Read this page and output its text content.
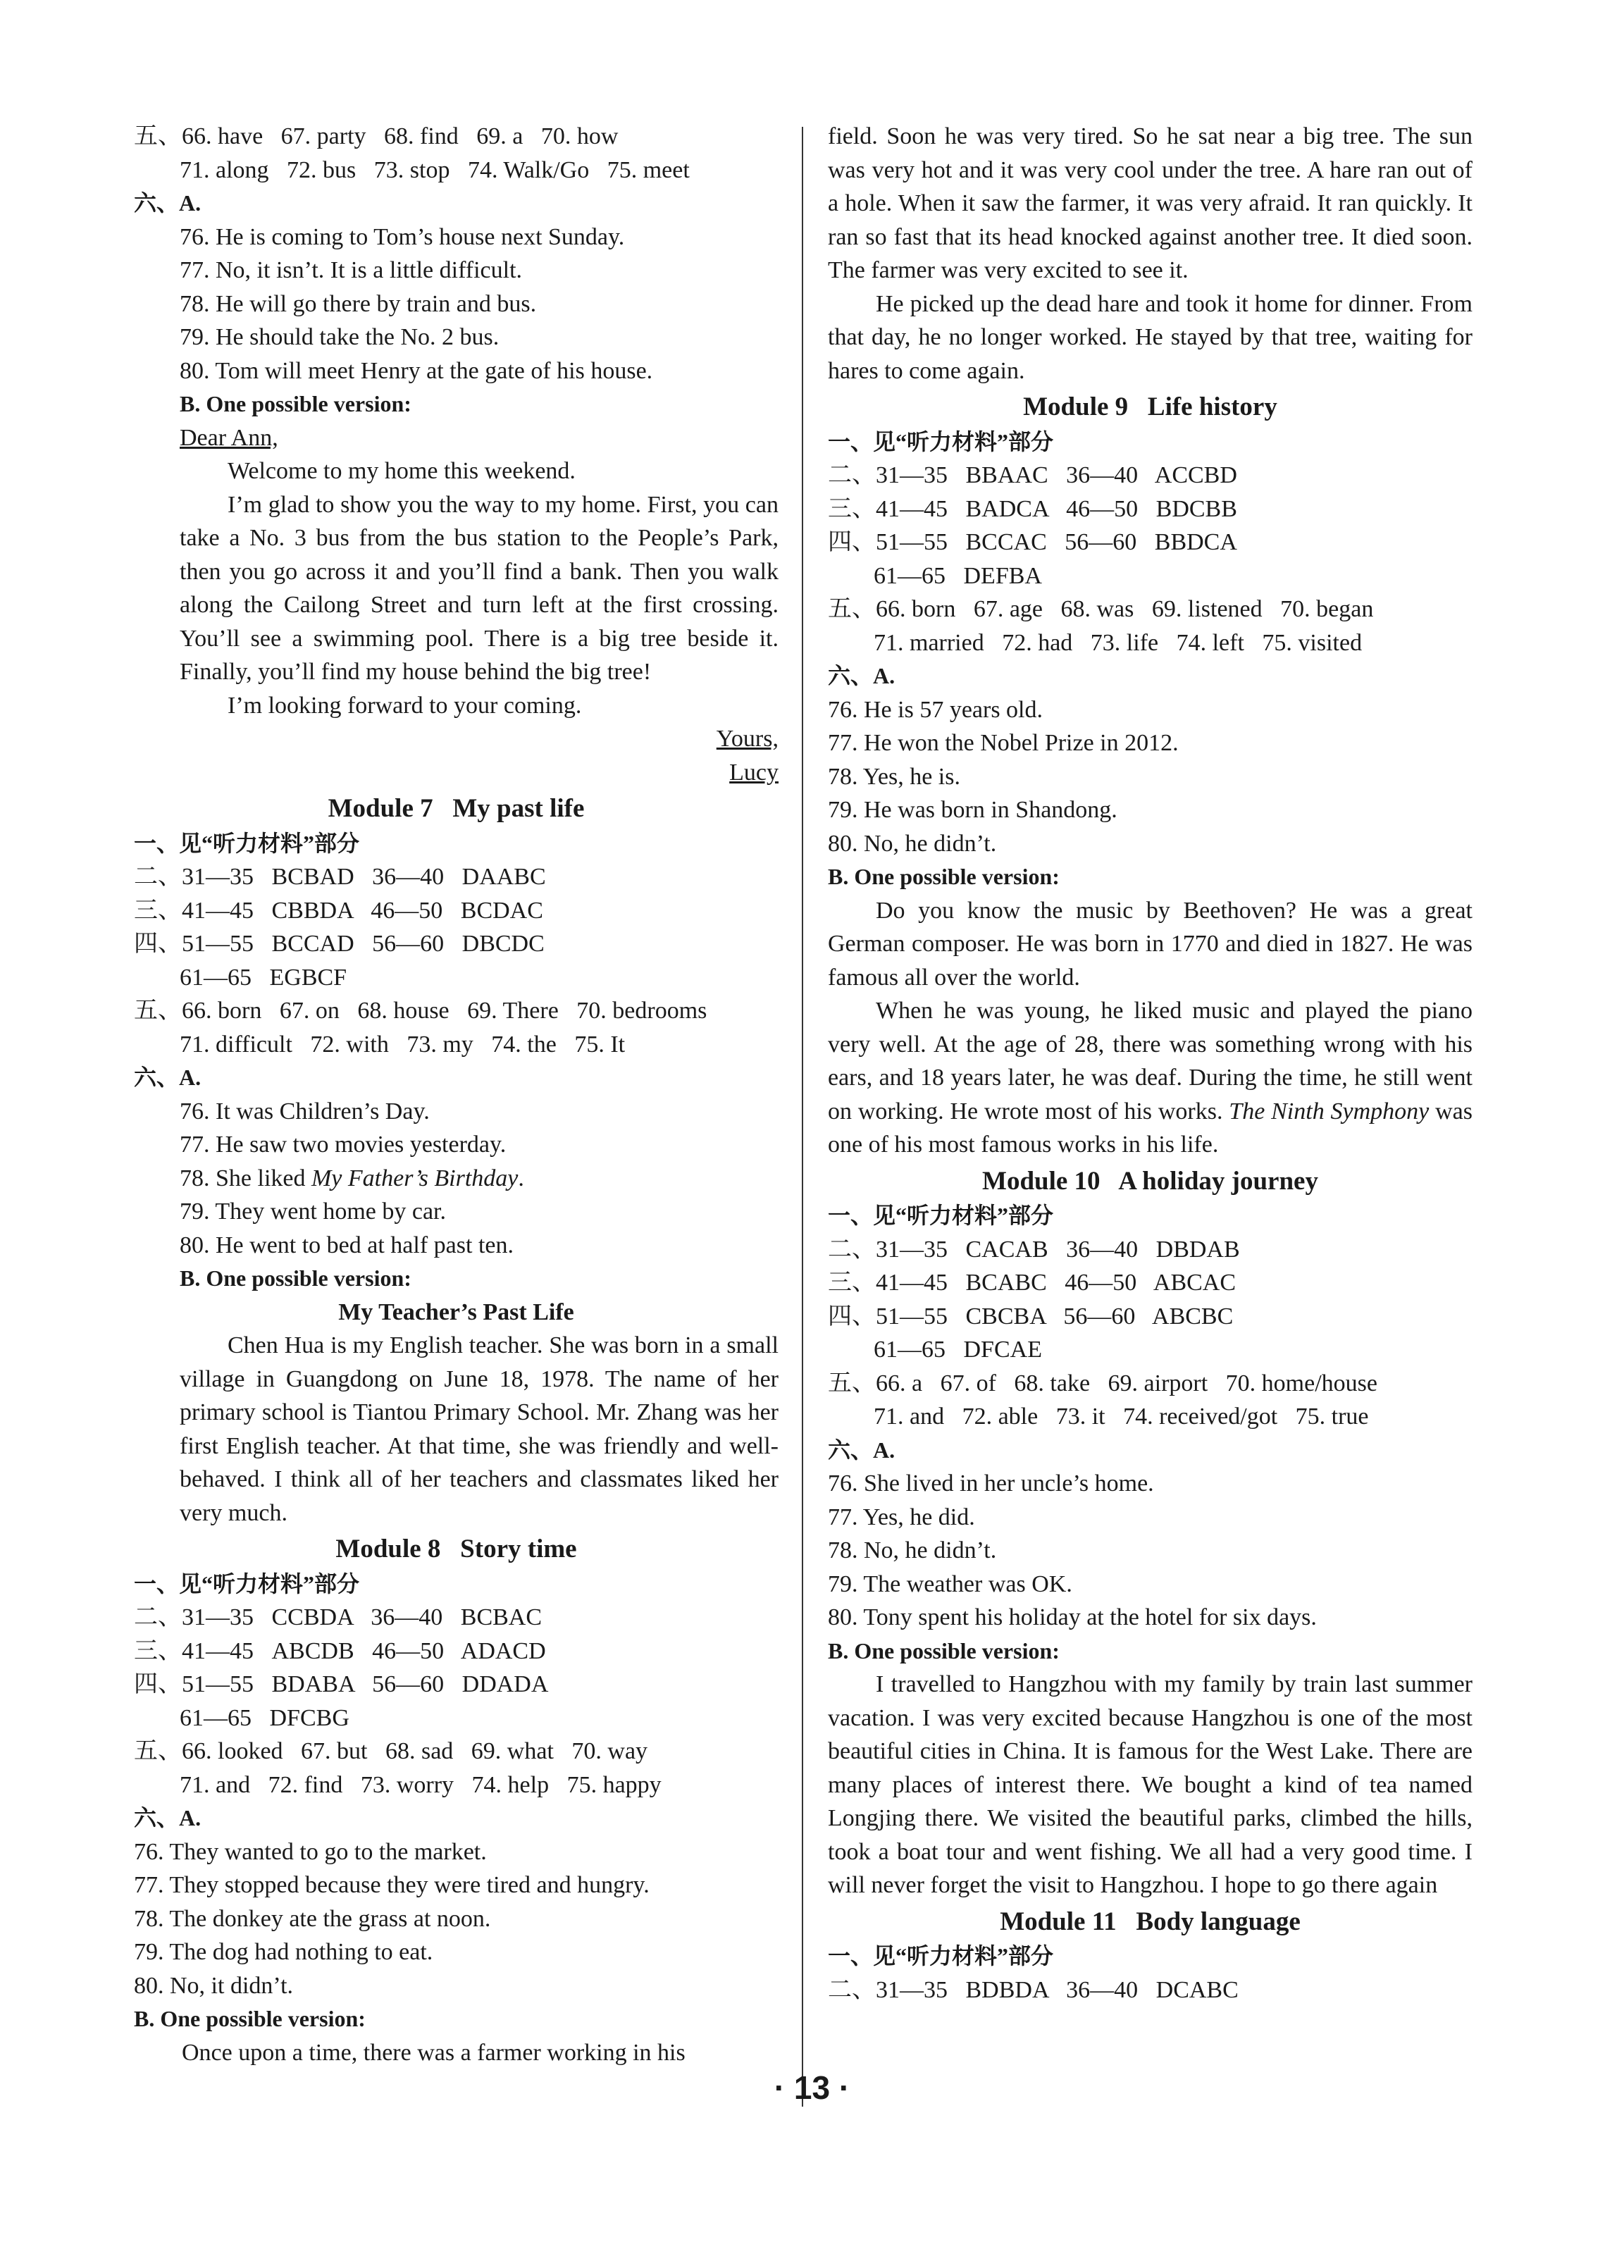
五、66. have   67. party   68. find   69. a   70. how
71. along   72. bus   73. stop   74. Walk/Go   75. meet
六、A.
76. He is coming to Tom’s house next Sunday.
77. No, it isn’t. It is a little difficult.
78. He will go there by train and bus.
79. He should take the No. 2 bus.
80. Tom will meet Henry at the gate of his house.
B. One possible version:
Dear Ann,
Welcome to my home this weekend.
I’m glad to show you the way to my home. First, you can take a No. 3 bus from the bus station to the People’s Park, then you go across it and you’ll find a bank. Then you walk along the Cailong Street and turn left at the first crossing. You’ll see a swimming pool. There is a big tree beside it. Finally, you’ll find my house behind the big tree!
I’m looking forward to your coming.
Yours,
Lucy
Module 7   My past life
一、见“听力材料”部分
二、31—35   BCBAD   36—40   DAABC
三、41—45   CBBDA   46—50   BCDAC
四、51—55   BCCAD   56—60   DBCDC
61—65   EGBCF
五、66. born   67. on   68. house   69. There   70. bedrooms
71. difficult   72. with   73. my   74. the   75. It
六、A.
76. It was Children’s Day.
77. He saw two movies yesterday.
78. She liked My Father’s Birthday.
79. They went home by car.
80. He went to bed at half past ten.
B. One possible version:
My Teacher’s Past Life
Chen Hua is my English teacher. She was born in a small village in Guangdong on June 18, 1978. The name of her primary school is Tiantou Primary School. Mr. Zhang was her first English teacher. At that time, she was friendly and well-behaved. I think all of her teachers and classmates liked her very much.
Module 8   Story time
一、见“听力材料”部分
二、31—35   CCBDA   36—40   BCBAC
三、41—45   ABCDB   46—50   ADACD
四、51—55   BDABA   56—60   DDADA
61—65   DFCBG
五、66. looked   67. but   68. sad   69. what   70. way
71. and   72. find   73. worry   74. help   75. happy
六、A.
76. They wanted to go to the market.
77. They stopped because they were tired and hungry.
78. The donkey ate the grass at noon.
79. The dog had nothing to eat.
80. No, it didn’t.
B. One possible version:
Once upon a time, there was a farmer working in his
field. Soon he was very tired. So he sat near a big tree. The sun was very hot and it was very cool under the tree. A hare ran out of a hole. When it saw the farmer, it was very afraid. It ran quickly. It ran so fast that its head knocked against another tree. It died soon. The farmer was very excited to see it.
He picked up the dead hare and took it home for dinner. From that day, he no longer worked. He stayed by that tree, waiting for hares to come again.
Module 9   Life history
一、见“听力材料”部分
二、31—35   BBAAC   36—40   ACCBD
三、41—45   BADCA   46—50   BDCBB
四、51—55   BCCAC   56—60   BBDCA
61—65   DEFBA
五、66. born   67. age   68. was   69. listened   70. began
71. married   72. had   73. life   74. left   75. visited
六、A.
76. He is 57 years old.
77. He won the Nobel Prize in 2012.
78. Yes, he is.
79. He was born in Shandong.
80. No, he didn’t.
B. One possible version:
Do you know the music by Beethoven? He was a great German composer. He was born in 1770 and died in 1827. He was famous all over the world.
When he was young, he liked music and played the piano very well. At the age of 28, there was something wrong with his ears, and 18 years later, he was deaf. During the time, he still went on working. He wrote most of his works. The Ninth Symphony was one of his most famous works in his life.
Module 10   A holiday journey
一、见“听力材料”部分
二、31—35   CACAB   36—40   DBDAB
三、41—45   BCABC   46—50   ABCAC
四、51—55   CBCBA   56—60   ABCBC
61—65   DFCAE
五、66. a   67. of   68. take   69. airport   70. home/house
71. and   72. able   73. it   74. received/got   75. true
六、A.
76. She lived in her uncle’s home.
77. Yes, he did.
78. No, he didn’t.
79. The weather was OK.
80. Tony spent his holiday at the hotel for six days.
B. One possible version:
I travelled to Hangzhou with my family by train last summer vacation. I was very excited because Hangzhou is one of the most beautiful cities in China. It is famous for the West Lake. There are many places of interest there. We bought a kind of tea named Longjing there. We visited the beautiful parks, climbed the hills, took a boat tour and went fishing. We all had a very good time. I will never forget the visit to Hangzhou. I hope to go there again
Module 11   Body language
一、见“听力材料”部分
二、31—35   BDBDA   36—40   DCABC
· 13 ·
